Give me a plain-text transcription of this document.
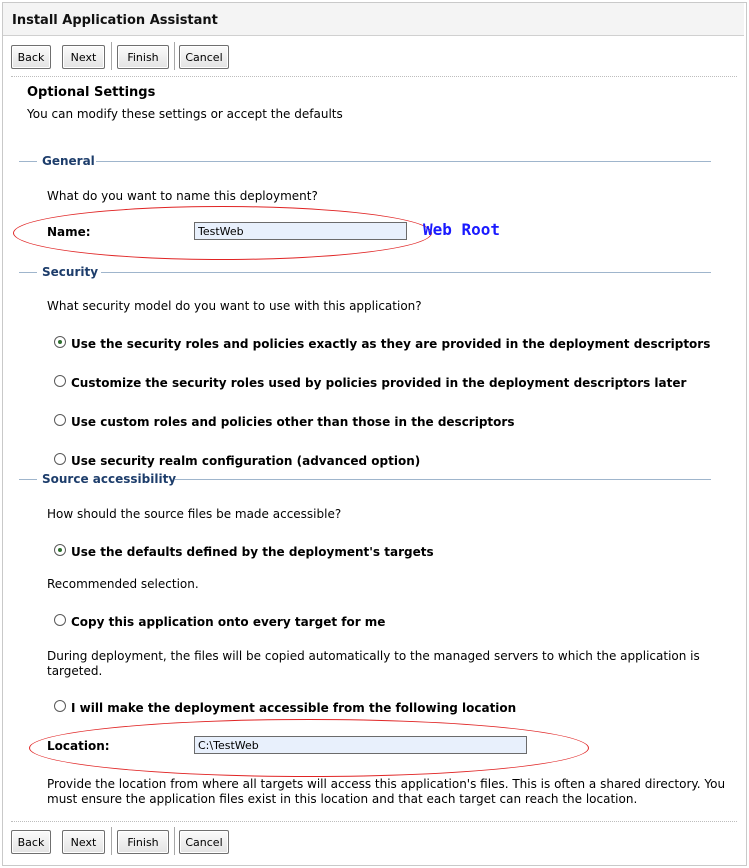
Install Application Assistant
Back	Next	Finish	Cancel
Optional Settings
You can modify these settings or accept the defaults
General
What do you want to name this deployment?
Name:
TestWeb	Web Root
Security
What security model do you want to use with this application?
Use the security roles and policies exactly as they are provided in the deployment descriptors
Customize the security roles used by policies provided in the deployment descriptors later
Use custom roles and policies other than those in the descriptors
Use security realm configuration (advanced option)
Source accessibility
How should the source files be made accessible?
Use the defaults defined by the deployment's targets
Recommended selection.
Copy this application onto every target for me
During deployment, the files will be copied automatically to the managed servers to which the application is
targeted.
I will make the deployment accessible from the following location
Location:
C:\TestWeb
Provide the location from where all targets will access this application's files. This is often a shared directory. You
must ensure the application files exist in this location and that each target can reach the location.
Back	Next	Finish	Cancel
